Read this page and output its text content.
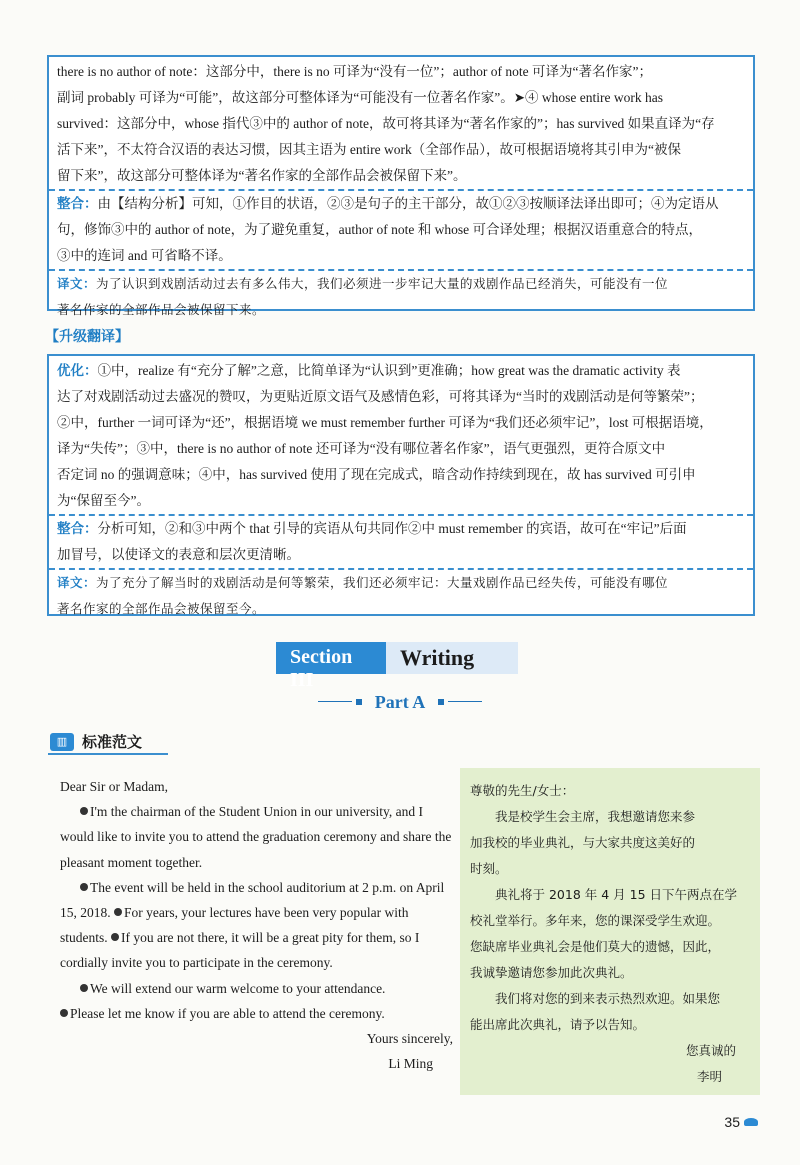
there is no author of note：这部分中，there is no 可译为“没有一位”；author of note 可译为“著名作家”；
副词 probably 可译为“可能”，故这部分可整体译为“可能没有一位著名作家”。➤④ whose entire work has
survived：这部分中，whose 指代③中的 author of note，故可将其译为“著名作家的”；has survived 如果直译为“存
活下来”，不太符合汉语的表达习惯，因其主语为 entire work（全部作品），故可根据语境将其引申为“被保
留下来”，故这部分可整体译为“著名作家的全部作品会被保留下来”。
整合：由【结构分析】可知，①作目的状语，②③是句子的主干部分，故①②③按顺译法译出即可；④为定语从
句，修饰③中的 author of note，为了避免重复，author of note 和 whose 可合译处理；根据汉语重意合的特点，
③中的连词 and 可省略不译。
译文：为了认识到戏剧活动过去有多么伟大，我们必须进一步牢记大量的戏剧作品已经消失，可能没有一位
著名作家的全部作品会被保留下来。
【升级翻译】
优化：①中，realize 有“充分了解”之意，比简单译为“认识到”更准确；how great was the dramatic activity 表
达了对戏剧活动过去盛况的赞叹，为更贴近原文语气及感情色彩，可将其译为“当时的戏剧活动是何等繁荣”；
②中，further 一词可译为“还”，根据语境 we must remember further 可译为“我们还必须牢记”，lost 可根据语境，
译为“失传”；③中，there is no author of note 还可译为“没有哪位著名作家”，语气更强烈，更符合原文中
否定词 no 的强调意味；④中，has survived 使用了现在完成式，暗含动作持续到现在，故 has survived 可引申
为“保留至今”。
整合：分析可知，②和③中两个 that 引导的宾语从句共同作②中 must remember 的宾语，故可在“牢记”后面
加冒号，以使译文的表意和层次更清晰。
译文：为了充分了解当时的戏剧活动是何等繁荣，我们还必须牢记：大量戏剧作品已经失传，可能没有哪位
著名作家的全部作品会被保留至今。
Section III
Writing
Part A
▥ 标准范文

Dear Sir or Madam,

I'm the chairman of the Student Union in our university, and I would like to invite you to attend the graduation ceremony and share the pleasant moment together.

The event will be held in the school auditorium at 2 p.m. on April 15, 2018. For years, your lectures have been very popular with students. If you are not there, it will be a great pity for them, so I cordially invite you to participate in the ceremony.

We will extend our warm welcome to your attendance.

Please let me know if you are able to attend the ceremony.

Yours sincerely,

Li Ming

尊敬的先生/女士：

我是校学生会主席，我想邀请您来参

加我校的毕业典礼，与大家共度这美好的

时刻。

典礼将于 2018 年 4 月 15 日下午两点在学

校礼堂举行。多年来，您的课深受学生欢迎。

您缺席毕业典礼会是他们莫大的遗憾，因此，

我诚挚邀请您参加此次典礼。

我们将对您的到来表示热烈欢迎。如果您

能出席此次典礼，请予以告知。

您真诚的

李明

35
